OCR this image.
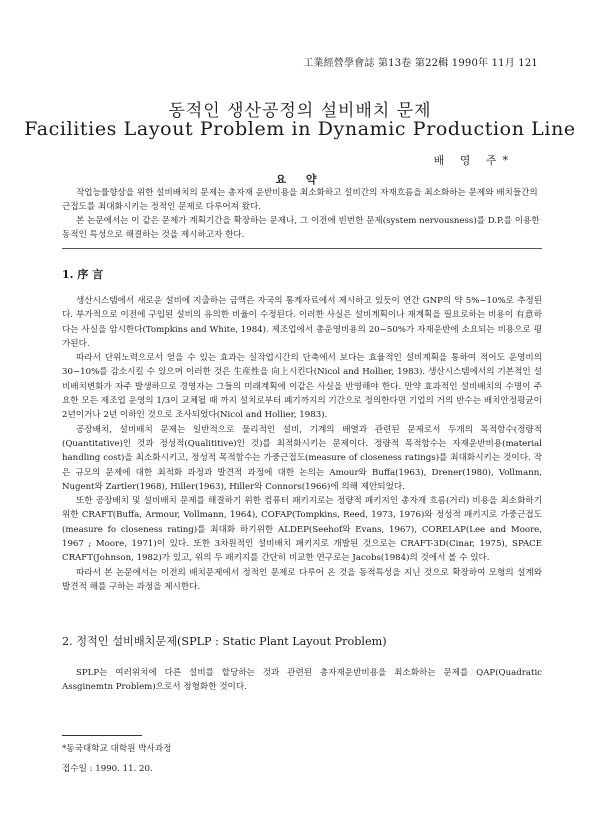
工業經營學會誌 第13卷 第22輯 1990年 11月 121
동적인 생산공정의 설비배치 문제
Facilities Layout Problem in Dynamic Production Line
배 영 주*
요 약

작업능률향상을 위한 설비배치의 문제는 총자재 운반비용을 최소화하고 설비간의 자재흐름을 최소화하는 문제와 배치들간의 근접도를 최대화시키는 정적인 문제로 다루어져 왔다.

본 논문에서는 이 같은 문제가 계획기간을 확장하는 문제나, 그 이전에 빈번한 문제(system nervousness)를 D.P.를 이용한 동적인 특성으로 해결하는 것을 제시하고자 한다.

1. 序 言

생산시스템에서 새로운 설비에 지출하는 금액은 자국의 통계자료에서 제시하고 있듯이 연간 GNP의 약 5%~10%로 추정된다. 부가적으로 이전에 구입된 설비의 유의한 비율이 수정된다. 이러한 사실은 설비계획이나 재계획을 필요로하는 비용이 有意하다는 사실을 암시한다(Tompkins and White, 1984). 제조업에서 총운영비용의 20~50%가 자재운반에 소요되는 비용으로 평가된다.

따라서 단위노력으로서 얻을 수 있는 효과는 실작업시간의 단축에서 보다는 효율적인 설비계획을 통하여 적어도 운영비의 30~10%를 감소시킬 수 있으며 이러한 것은 生産性을 向上시킨다(Nicol and Hollier, 1983). 생산시스템에서의 기본적인 설비배치변화가 자주 발생하므로 경영자는 그들의 미래계획에 이같은 사실을 반영해야 한다. 만약 효과적인 설비배치의 수명이 주요한 모든 제조업 운영의 1/3이 교체될 때 까지 설치로부터 폐기까지의 기간으로 정의한다면 기업의 거의 반수는 배치안정평균이 2년이거나 2년 이하인 것으로 조사되었다(Nicol and Hollier, 1983).

공장배치, 설비배치 문제는 일반적으로 물리적인 설비, 기계의 배열과 관련된 문제로서 두개의 목적함수(정량적(Quantitative)인 것과 정성적(Qualititive)인 것)를 최적화시키는 문제이다. 정량적 목적함수는 자재운반비용(material handling cost)을 최소화시키고, 정성적 목적함수는 가중근접도(measure of closeness ratings)를 최대화시키는 것이다. 작은 규모의 문제에 대한 최적화 과정과 발견적 과정에 대한 논의는 Amour와 Buffa(1963), Drener(1980), Vollmann, Nugent와 Zartler(1968), Hiller(1963), Hiller와 Connors(1966)에 의해 제안되었다.

또한 공장배치 및 설비배치 문제를 해결하기 위한 컴퓨터 패키지로는 정량적 패키지인 총자재 흐름(거리) 비용을 최소화하기 위한 CRAFT(Buffa, Armour, Vollmann, 1964), COFAP(Tompkins, Reed, 1973, 1976)와 정성적 패키지로 가중근접도(measure fo closeness rating)를 최대화 하기위한 ALDEP(Seehof와 Evans, 1967), CORELAP(Lee and Moore, 1967 ; Moore, 1971)이 있다. 또한 3차원적인 설비배치 패키지로 개발된 것으로는 CRAFT-3D(Cinar, 1975), SPACE CRAFT(Johnson, 1982)가 있고, 위의 두 패키지를 간단히 비교한 연구로는 Jacobs(1984)의 것에서 볼 수 있다.

따라서 본 논문에서는 이전의 배치문제에서 정적인 문제로 다루어 온 것을 동적특성을 지닌 것으로 확장하여 모형의 설계와 발견적 해를 구하는 과정을 제시한다.

2. 정적인 설비배치문제(SPLP : Static Plant Layout Problem)

SPLP는 여러위치에 다른 설비를 할당하는 것과 관련된 총자재운반비용을 최소화하는 문제를 QAP(Quadratic Assginemtn Problem)으로서 정형화한 것이다.

*동국대학교 대학원 박사과정
접수일 : 1990. 11. 20.
